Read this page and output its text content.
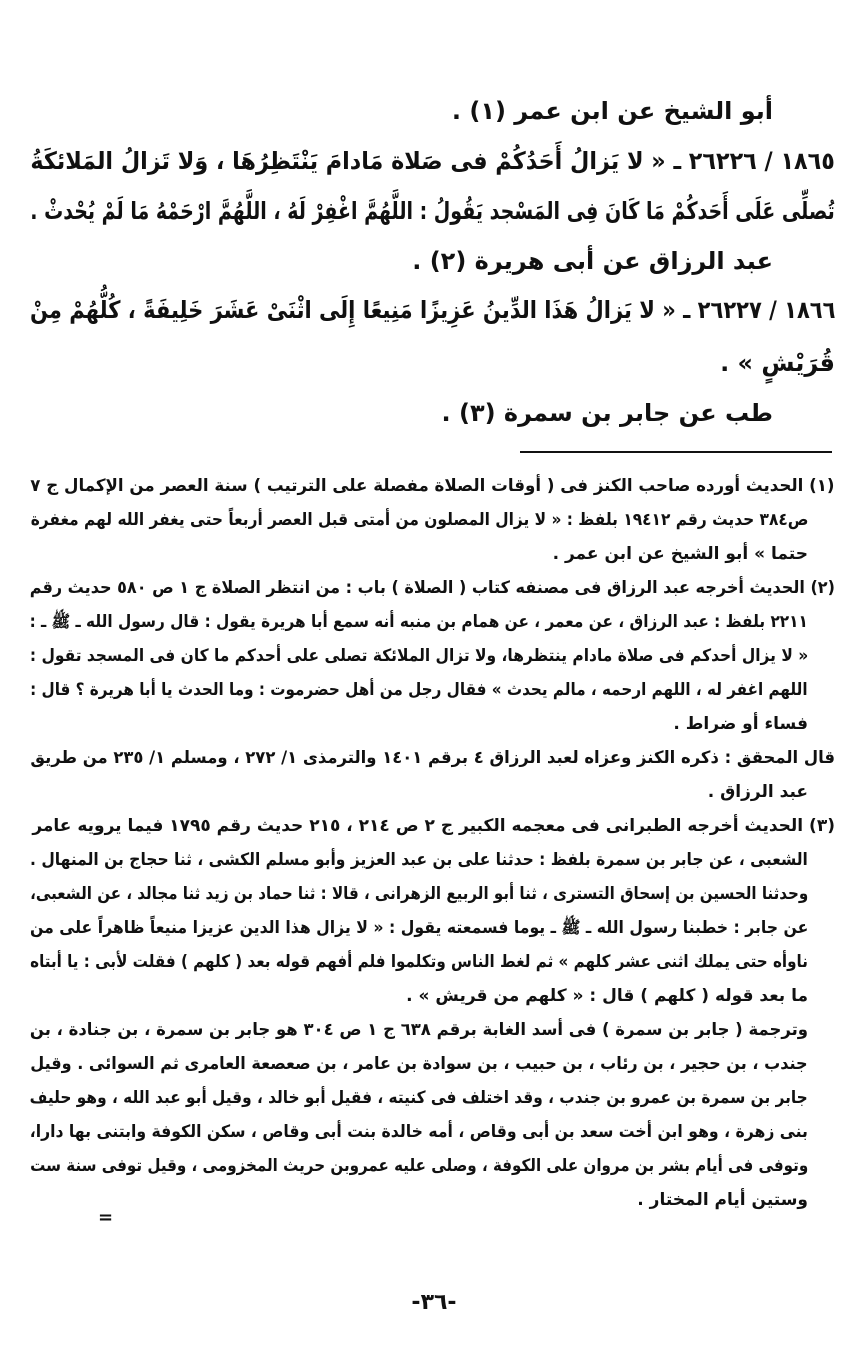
أبو الشيخ عن ابن عمر (١) .
١٨٦٥ / ٢٦٢٢٦ ـ « لا يَزالُ أَحَدُكُمْ فى صَلاة مَادامَ يَنْتَظِرُهَا ، وَلا تَزالُ المَلائكَةُ
تُصلِّى عَلَى أَحَدكُمْ مَا كَانَ فِى المَسْجد يَقُولُ : اللَّهُمَّ اغْفِرْ لَهُ ، اللَّهُمَّ ارْحَمْهُ مَا لَمْ يُحْدثْ .
عبد الرزاق عن أبى هريرة (٢) .
١٨٦٦ / ٢٦٢٢٧ ـ « لا يَزالُ هَذَا الدِّينُ عَزِيزًا مَنِيعًا إِلَى اثْنَىْ عَشَرَ خَلِيفَةً ، كُلُّهُمْ مِنْ
قُرَيْشٍ » .
طب عن جابر بن سمرة (٣) .
(١) الحديث أورده صاحب الكنز فى ( أوقات الصلاة مفصلة على الترتيب ) سنة العصر من الإكمال ج ٧
ص٣٨٤ حديث رقم ١٩٤١٢ بلفظ : « لا يزال المصلون من أمتى قبل العصر أربعاً حتى يغفر الله لهم مغفرة
حتما » أبو الشيخ عن ابن عمر .
(٢) الحديث أخرجه عبد الرزاق فى مصنفه كتاب ( الصلاة ) باب : من انتظر الصلاة ج ١ ص ٥٨٠ حديث رقم
٢٢١١ بلفظ : عبد الرزاق ، عن معمر ، عن همام بن منبه أنه سمع أبا هريرة يقول : قال رسول الله ـ ﷺ ـ :
« لا يزال أحدكم فى صلاة مادام ينتظرها، ولا تزال الملائكة تصلى على أحدكم ما كان فى المسجد تقول :
اللهم اغفر له ، اللهم ارحمه ، مالم يحدث » فقال رجل من أهل حضرموت : وما الحدث يا أبا هريرة ؟ قال :
فساء أو ضراط .
قال المحقق : ذكره الكنز وعزاه لعبد الرزاق ٤ برقم ١٤٠١ والترمذى ١/ ٢٧٢ ، ومسلم ١/ ٢٣٥ من طريق
عبد الرزاق .
(٣) الحديث أخرجه الطبرانى فى معجمه الكبير ج ٢ ص ٢١٤ ، ٢١٥ حديث رقم ١٧٩٥ فيما يرويه عامر
الشعبى ، عن جابر بن سمرة بلفظ : حدثنا على بن عبد العزيز وأبو مسلم الكشى ، ثنا حجاج بن المنهال .
وحدثنا الحسين بن إسحاق التسترى ، ثنا أبو الربيع الزهرانى ، قالا : ثنا حماد بن زيد ثنا مجالد ، عن الشعبى،
عن جابر : خطبنا رسول الله ـ ﷺ ـ يوما فسمعته يقول : « لا يزال هذا الدين عزيزا منيعاً ظاهراً على من
ناوأه حتى يملك اثنى عشر كلهم » ثم لغط الناس وتكلموا فلم أفهم قوله بعد ( كلهم ) فقلت لأبى : يا أبتاه
ما بعد قوله ( كلهم ) قال : « كلهم من قريش » .
وترجمة ( جابر بن سمرة ) فى أسد الغابة برقم ٦٣٨ ج ١ ص ٣٠٤ هو جابر بن سمرة ، بن جنادة ، بن
جندب ، بن حجير ، بن رئاب ، بن حبيب ، بن سوادة بن عامر ، بن صعصعة العامرى ثم السوائى . وقيل
جابر بن سمرة بن عمرو بن جندب ، وقد اختلف فى كنيته ، فقيل أبو خالد ، وقيل أبو عبد الله ، وهو حليف
بنى زهرة ، وهو ابن أخت سعد بن أبى وقاص ، أمه خالدة بنت أبى وقاص ، سكن الكوفة وابتنى بها دارا،
وتوفى فى أيام بشر بن مروان على الكوفة ، وصلى عليه عمروبن حريث المخزومى ، وقيل توفى سنة ست
وستين أيام المختار .
=
-٣٦-
